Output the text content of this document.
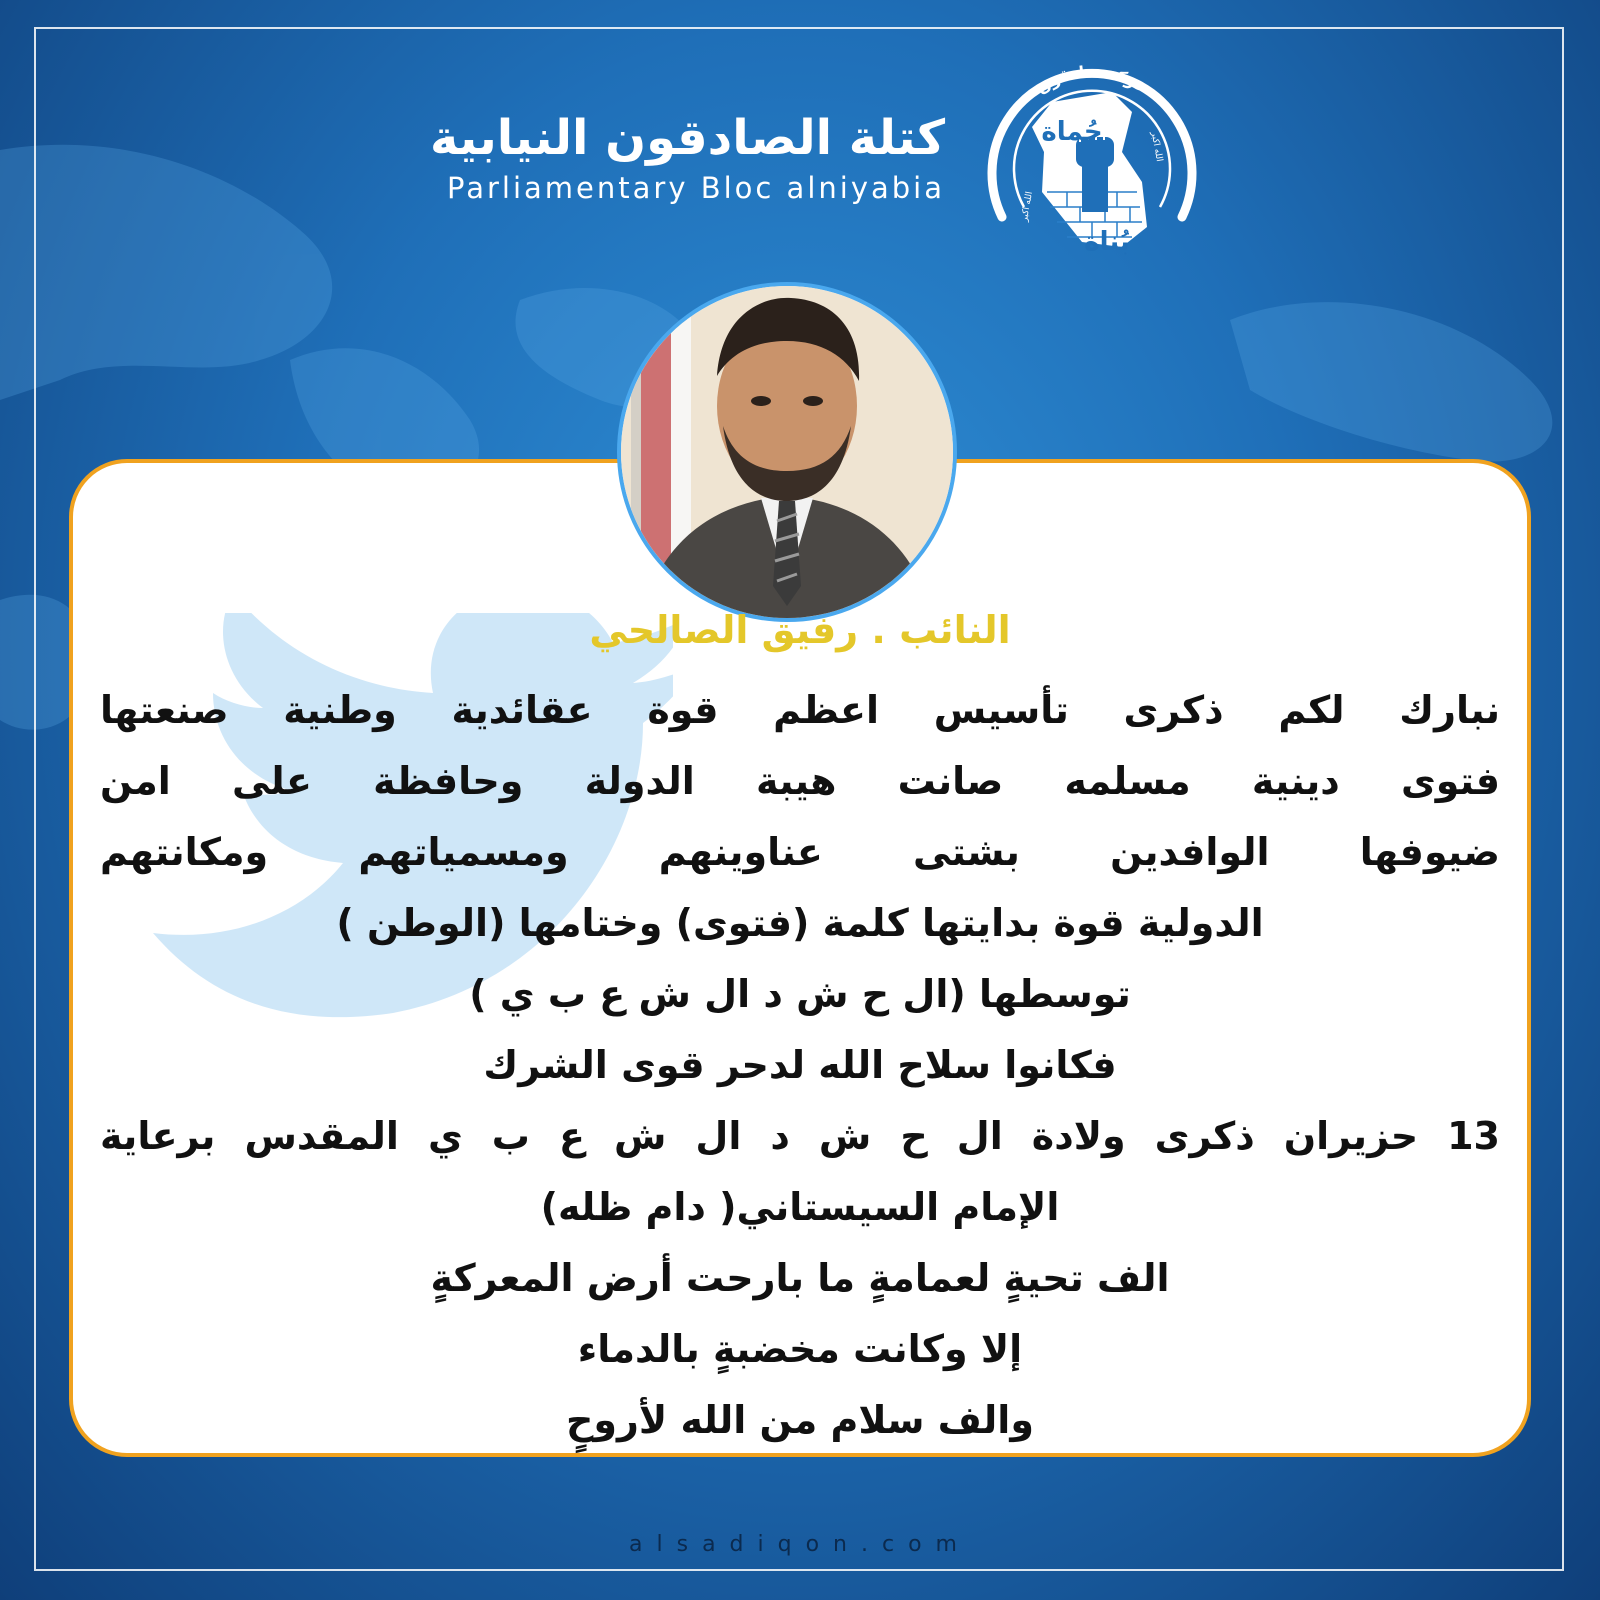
كتلة الصادقون النيابية
Parliamentary Bloc alniyabia
حركة صادقون
حُماة
بُناة
الله اكبر
الله اكبر
النائب . رفيق الصالحي
نبارك لكم ذكرى تأسيس اعظم قوة عقائدية وطنية صنعتها
فتوى دينية مسلمه صانت هيبة الدولة وحافظة على امن
ضيوفها الوافدين بشتى عناوينهم ومسمياتهم ومكانتهم
الدولية قوة بدايتها كلمة (فتوى) وختامها (الوطن )
توسطها (ال ح ش د ال ش ع ب ي )
فكانوا سلاح الله لدحر قوى الشرك
13 حزيران ذكرى ولادة ال ح ش د ال ش ع ب ي المقدس برعاية
الإمام السيستاني( دام ظله)
الف تحيةٍ لعمامةٍ ما بارحت أرض المعركةٍ
إلا وكانت مخضبةٍ بالدماء
والف سلام من الله لأروحٍ
alsadiqon.com
